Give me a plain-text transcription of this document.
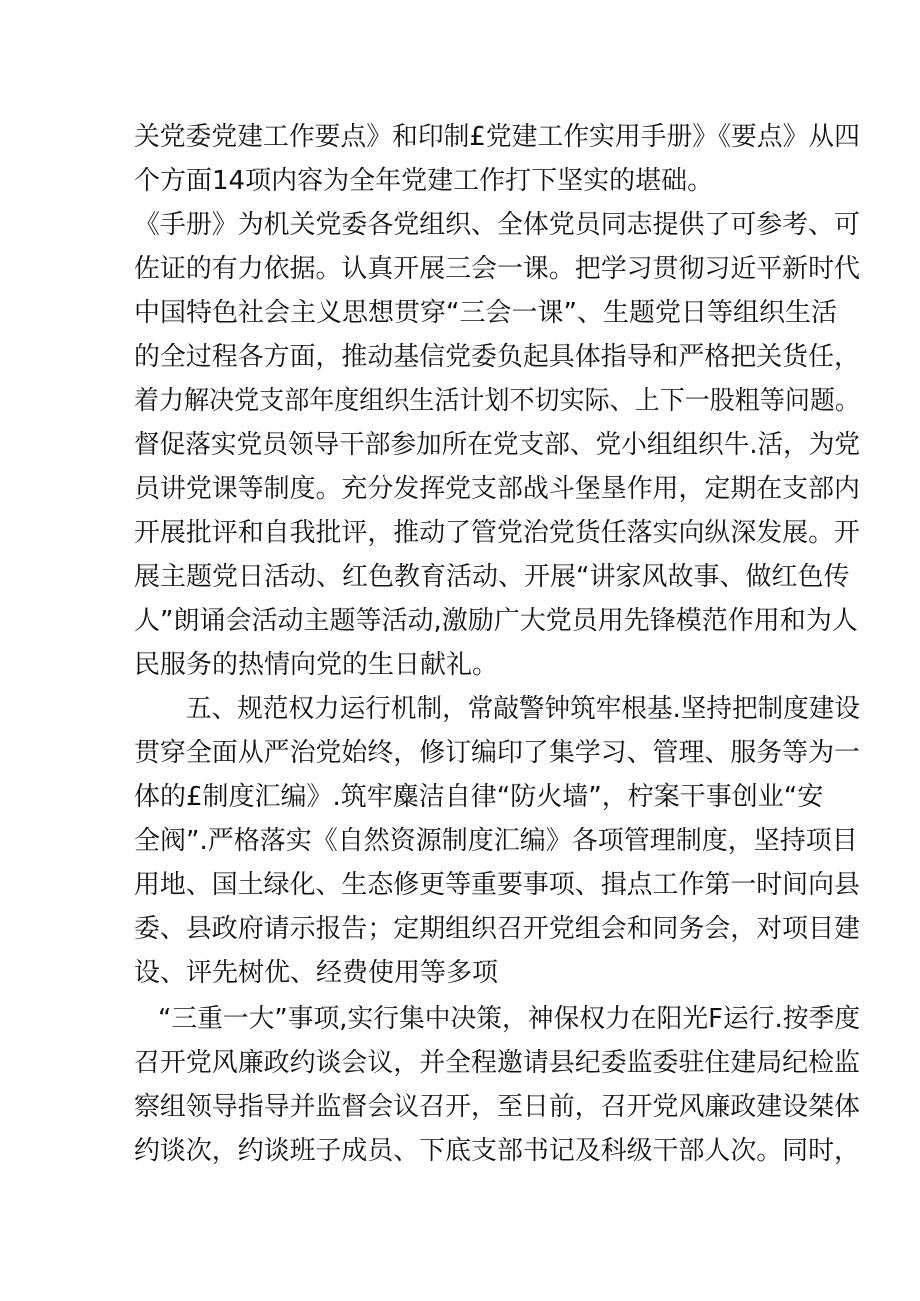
关党委党建工作要点》和印制£党建工作实用手册》《要点》从四
个方面14项内容为全年党建工作打下坚实的堪础。
《手册》为机关党委各党组织、全体党员同志提供了可参考、可
佐证的有力依据。认真开展三会一课。把学习贯彻习近平新时代
中国特色社会主义思想贯穿“三会一课”、生题党日等组织生活
的全过程各方面，推动基信党委负起具体指导和严格把关货任，
着力解决党支部年度组织生活计划不切实际、上下一股粗等问题。
督促落实党员领导干部参加所在党支部、党小组组织牛.活，为党
员讲党课等制度。充分发挥党支部战斗堡垦作用，定期在支部内
开展批评和自我批评，推动了管党治党货任落实向纵深发展。开
展主题党日活动、红色教育活动、开展“讲家风故事、做红色传
人”朗诵会活动主题等活动,激励广大党员用先锋模范作用和为人
民服务的热情向党的生日献礼。
五、规范权力运行机制，常敲警钟筑牢根基.坚持把制度建设
贯穿全面从严治党始终，修订编印了集学习、管理、服务等为一
体的£制度汇编》.筑牢麋洁自律“防火墙”，柠案干事创业“安
全阀”.严格落实《自然资源制度汇编》各项管理制度，坚持项目
用地、国土绿化、生态修更等重要事项、揖点工作第一时间向县
委、县政府请示报告；定期组织召开党组会和同务会，对项目建
设、评先树优、经费使用等多项
“三重一大”事项,实行集中决策，神保权力在阳光F运行.按季度
召开党风廉政约谈会议，并全程邀请县纪委监委驻住建局纪检监
察组领导指导并监督会议召开，至日前，召开党风廉政建设桀体
约谈次，约谈班子成员、下底支部书记及科级干部人次。同时，
